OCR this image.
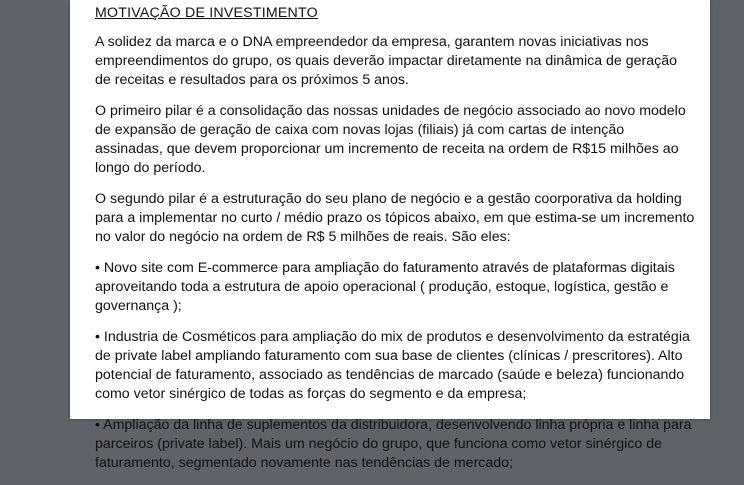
MOTIVAÇÃO DE INVESTIMENTO

A solidez da marca e o DNA empreendedor da empresa, garantem novas iniciativas nos empreendimentos do grupo, os quais deverão impactar diretamente na dinâmica de geração de receitas e resultados para os próximos 5 anos.

O primeiro pilar é a consolidação das nossas unidades de negócio associado ao novo modelo de expansão de geração de caixa com novas lojas (filiais) já com cartas de intenção assinadas, que devem proporcionar um incremento de receita na ordem de R$15 milhões ao longo do período.

O segundo pilar é a estruturação do seu plano de negócio e a gestão coorporativa da holding para a implementar no curto / médio prazo os tópicos abaixo, em que estima-se um incremento no valor do negócio na ordem de R$ 5 milhões de reais. São eles:

• Novo site com E-commerce para ampliação do faturamento através de plataformas digitais aproveitando toda a estrutura de apoio operacional ( produção, estoque, logística, gestão e governança );

• Industria de Cosméticos para ampliação do mix de produtos e desenvolvimento da estratégia de private label ampliando faturamento com sua base de clientes (clínicas / prescritores). Alto potencial de faturamento, associado as tendências de marcado (saúde e beleza) funcionando como vetor sinérgico de todas as forças do segmento e da empresa;

• Ampliação da linha de suplementos da distribuidora, desenvolvendo linha própria e linha para parceiros (private label). Mais um negócio do grupo, que funciona como vetor sinérgico de faturamento, segmentado novamente nas tendências de mercado;
